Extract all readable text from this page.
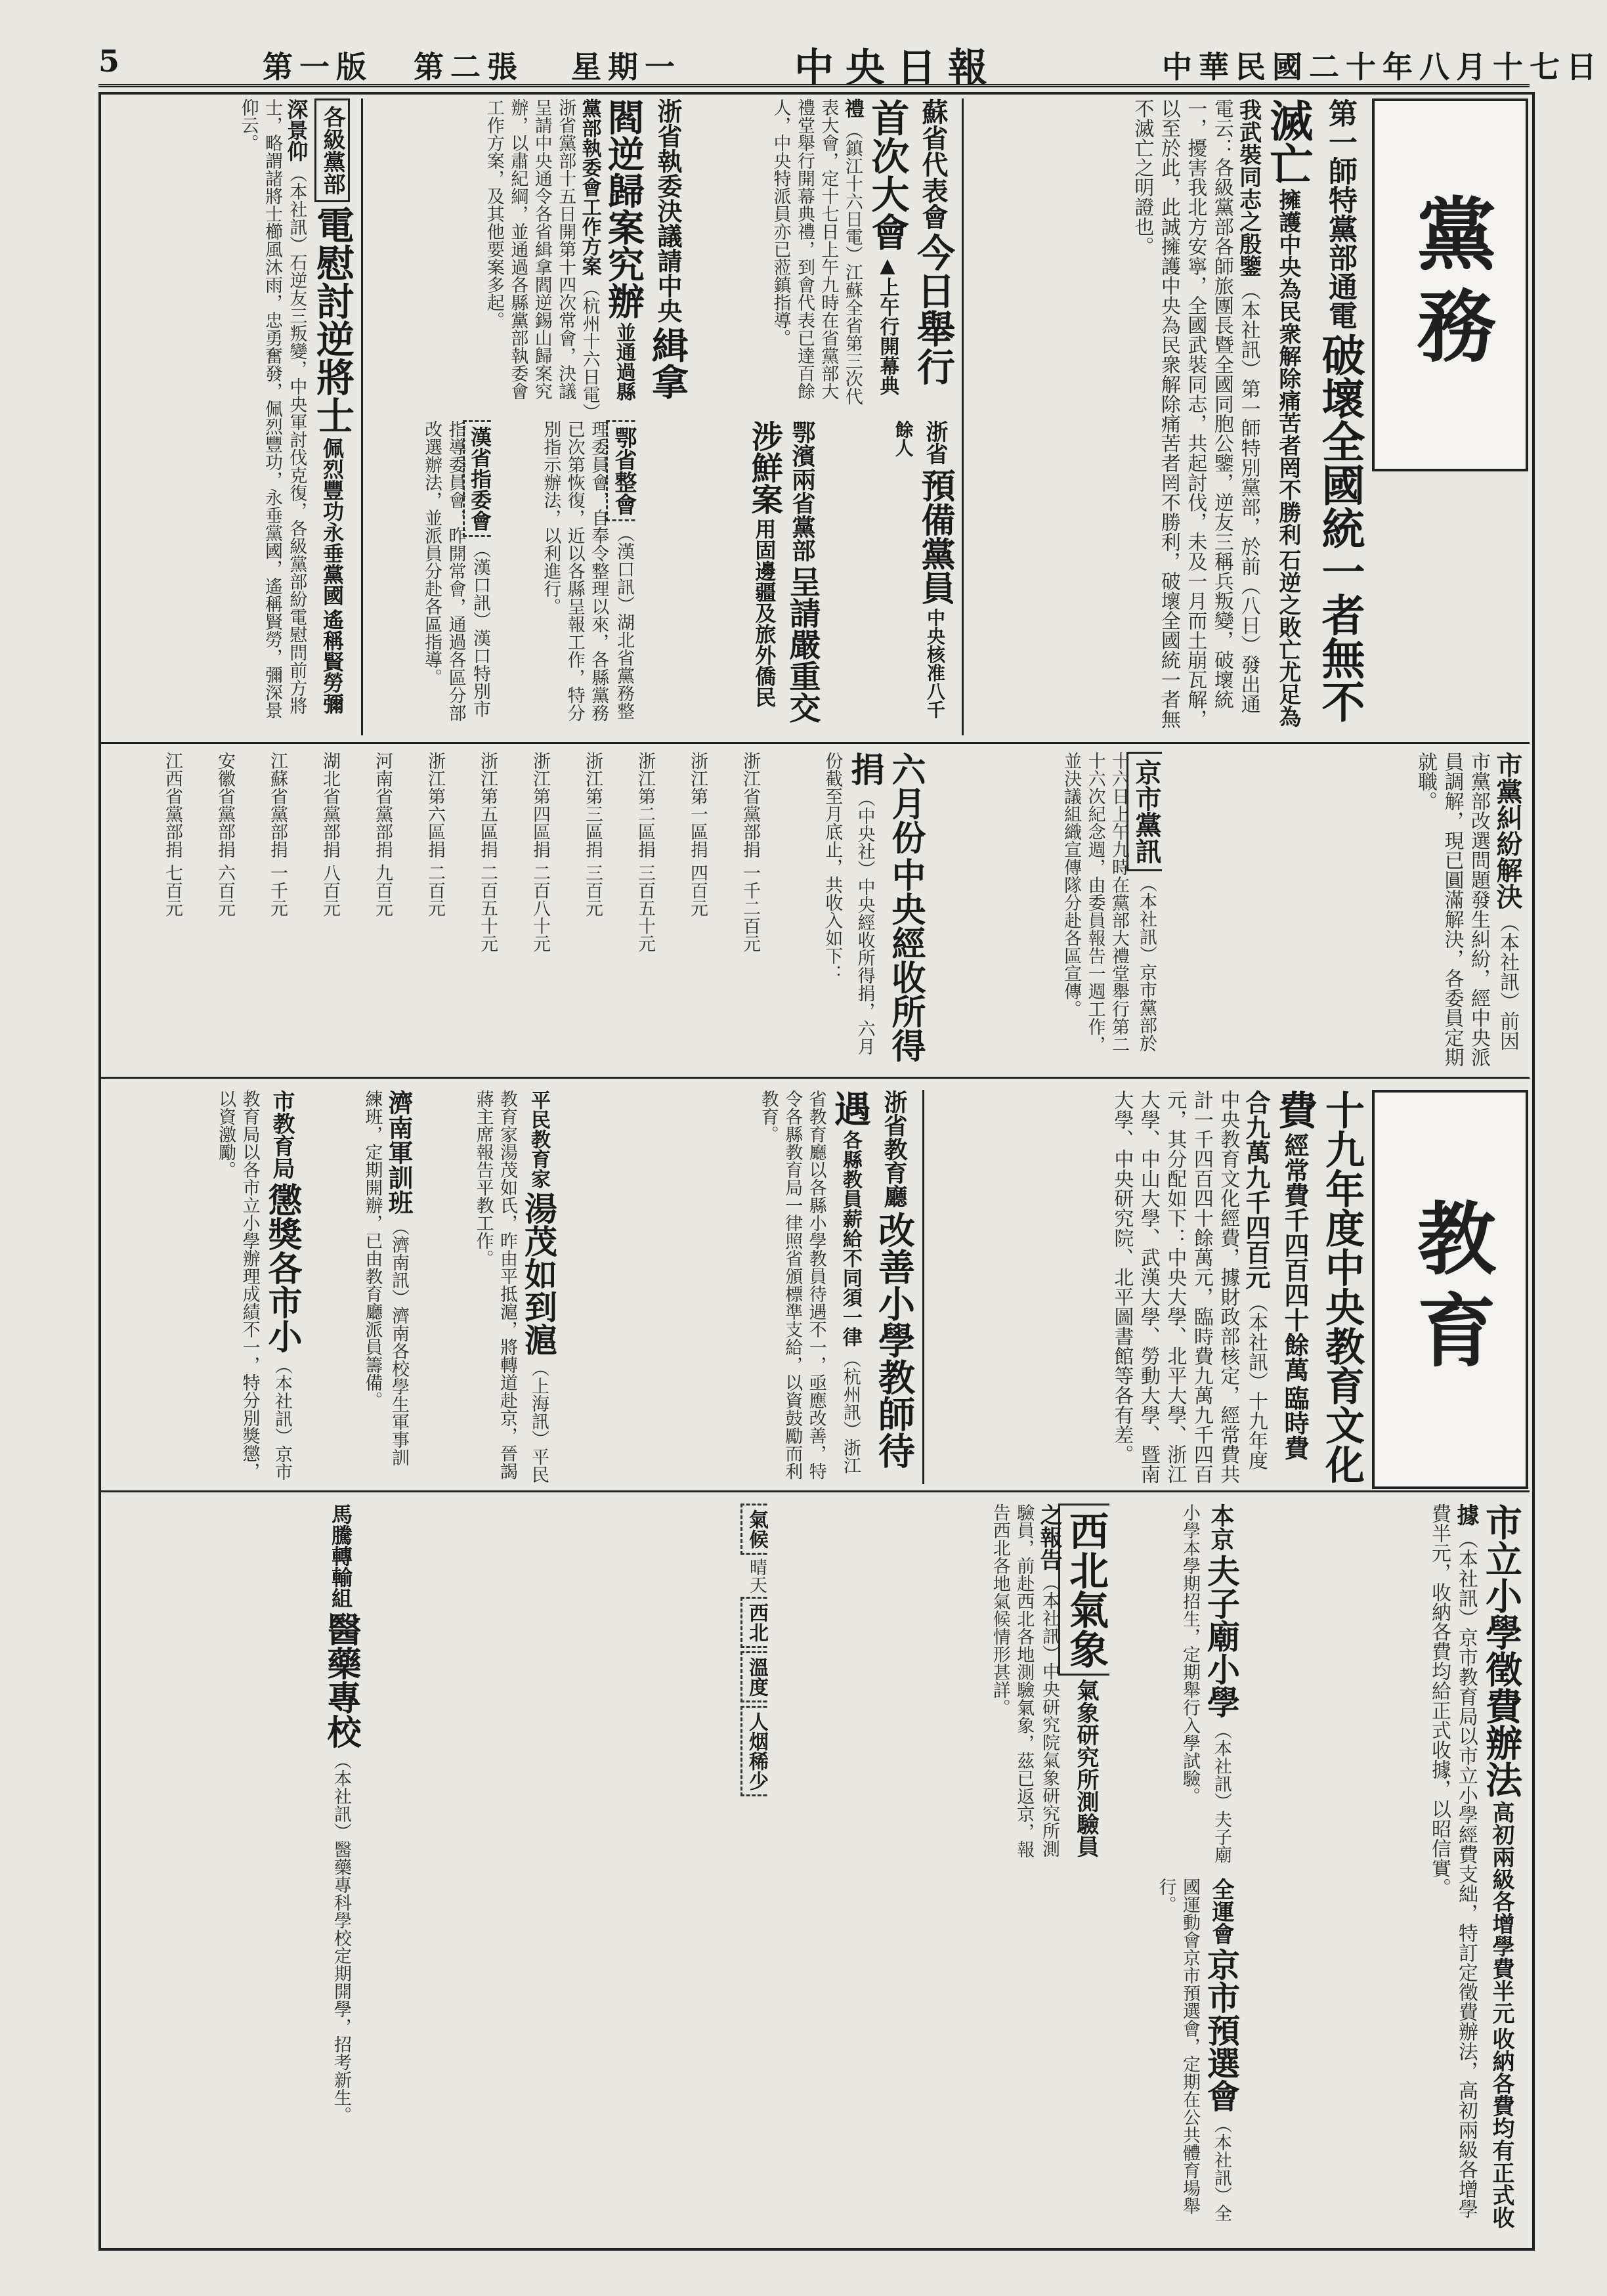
5	第一版 第二張 星期一	中央日報	中華民國二十年八月十七日
黨務
第一師特黨部通電 破壞全國統一者無不滅亡 擁護中央為民衆解除痛苦者罔不勝利 石逆之敗亡尤足為我武裝同志之殷鑒 （本社訊）第一師特別黨部，於前（八日）發出通電云：各級黨部各師旅團長暨全國同胞公鑒，逆友三稱兵叛變，破壞統一，擾害我北方安寧，全國武裝同志，共起討伐，未及一月而土崩瓦解，以至於此，此誠擁護中央為民衆解除痛苦者罔不勝利，破壞全國統一者無不滅亡之明證也。
蘇省代表會 今日舉行首次大會 ▲上午行開幕典禮 （鎮江十六日電）江蘇全省第三次代表大會，定十七日上午九時在省黨部大禮堂舉行開幕典禮，到會代表已達百餘人，中央特派員亦已蒞鎮指導。
浙省執委決議請中央 緝拿閻逆歸案究辦 並通過縣黨部執委會工作方案 （杭州十六日電）浙省黨部十五日開第十四次常會，決議呈請中央通令各省緝拿閻逆錫山歸案究辦，以肅紀綱，並通過各縣黨部執委會工作方案，及其他要案多起。
各級黨部 電慰討逆將士 佩烈豐功永垂黨國 遙稱賢勞彌深景仰 （本社訊）石逆友三叛變，中央軍討伐克復，各級黨部紛電慰問前方將士，略謂諸將士櫛風沐雨，忠勇奮發，佩烈豐功，永垂黨國，遙稱賢勞，彌深景仰云。
浙省 預備黨員 中央核准八千餘人
鄂濱兩省黨部 呈請嚴重交涉鮮案 用固邊疆及旅外僑民
鄂省整會 （漢口訊）湖北省黨務整理委員會，自奉令整理以來，各縣黨務已次第恢復，近以各縣呈報工作，特分別指示辦法，以利進行。
漢省指委會 （漢口訊）漢口特別市指導委員會，昨開常會，通過各區分部改選辦法，並派員分赴各區指導。
市黨糾紛解決 （本社訊）前因市黨部改選問題發生糾紛，經中央派員調解，現已圓滿解決，各委員定期就職。
京市黨訊 （本社訊）京市黨部於十六日上午九時在黨部大禮堂舉行第二十六次紀念週，由委員報告一週工作，並決議組織宣傳隊分赴各區宣傳。
六月份 中央經收所得捐 （中央社）中央經收所得捐，六月份截至月底止，共收入如下：
浙江省黨部捐 一千二百元
浙江第一區捐 四百元
浙江第二區捐 三百五十元
浙江第三區捐 三百元
浙江第四區捐 二百八十元
浙江第五區捐 二百五十元
浙江第六區捐 二百元
河南省黨部捐 九百元
湖北省黨部捐 八百元
江蘇省黨部捐 一千元
安徽省黨部捐 六百元
江西省黨部捐 七百元
教育
十九年度中央教育文化費 經常費千四百四十餘萬 臨時費合九萬九千四百元 （本社訊）十九年度中央教育文化經費，據財政部核定，經常費共計一千四百四十餘萬元，臨時費九萬九千四百元，其分配如下：中央大學、北平大學、浙江大學、中山大學、武漢大學、勞動大學、暨南大學、中央研究院、北平圖書館等各有差。
浙省教育廳 改善小學教師待遇 各縣教員薪給不同須一律 （杭州訊）浙江省教育廳以各縣小學教員待遇不一，亟應改善，特令各縣教育局一律照省頒標準支給，以資鼓勵而利教育。
平民教育家 湯茂如到滬 （上海訊）平民教育家湯茂如氏，昨由平抵滬，將轉道赴京，晉謁蔣主席報告平教工作。
濟南軍訓班 （濟南訊）濟南各校學生軍事訓練班，定期開辦，已由教育廳派員籌備。
市教育局 懲獎各市小 （本社訊）京市教育局以各市立小學辦理成績不一，特分別獎懲，以資激勵。
市立小學徵費辦法 高初兩級各增學費半元 收納各費均有正式收據 （本社訊）京市教育局以市立小學經費支絀，特訂定徵費辦法，高初兩級各增學費半元，收納各費均給正式收據，以昭信實。
本京 夫子廟小學 （本社訊）夫子廟小學本學期招生，定期舉行入學試驗。
全運會 京市預選會 （本社訊）全國運動會京市預選會，定期在公共體育場舉行。
西北氣象 氣象研究所測驗員之報告 （本社訊）中央研究院氣象研究所測驗員，前赴西北各地測驗氣象，茲已返京，報告西北各地氣候情形甚詳。
氣候 晴天 西北 溫度 人烟稀少
馬騰轉輸組 醫藥專校 （本社訊）醫藥專科學校定期開學，招考新生。
